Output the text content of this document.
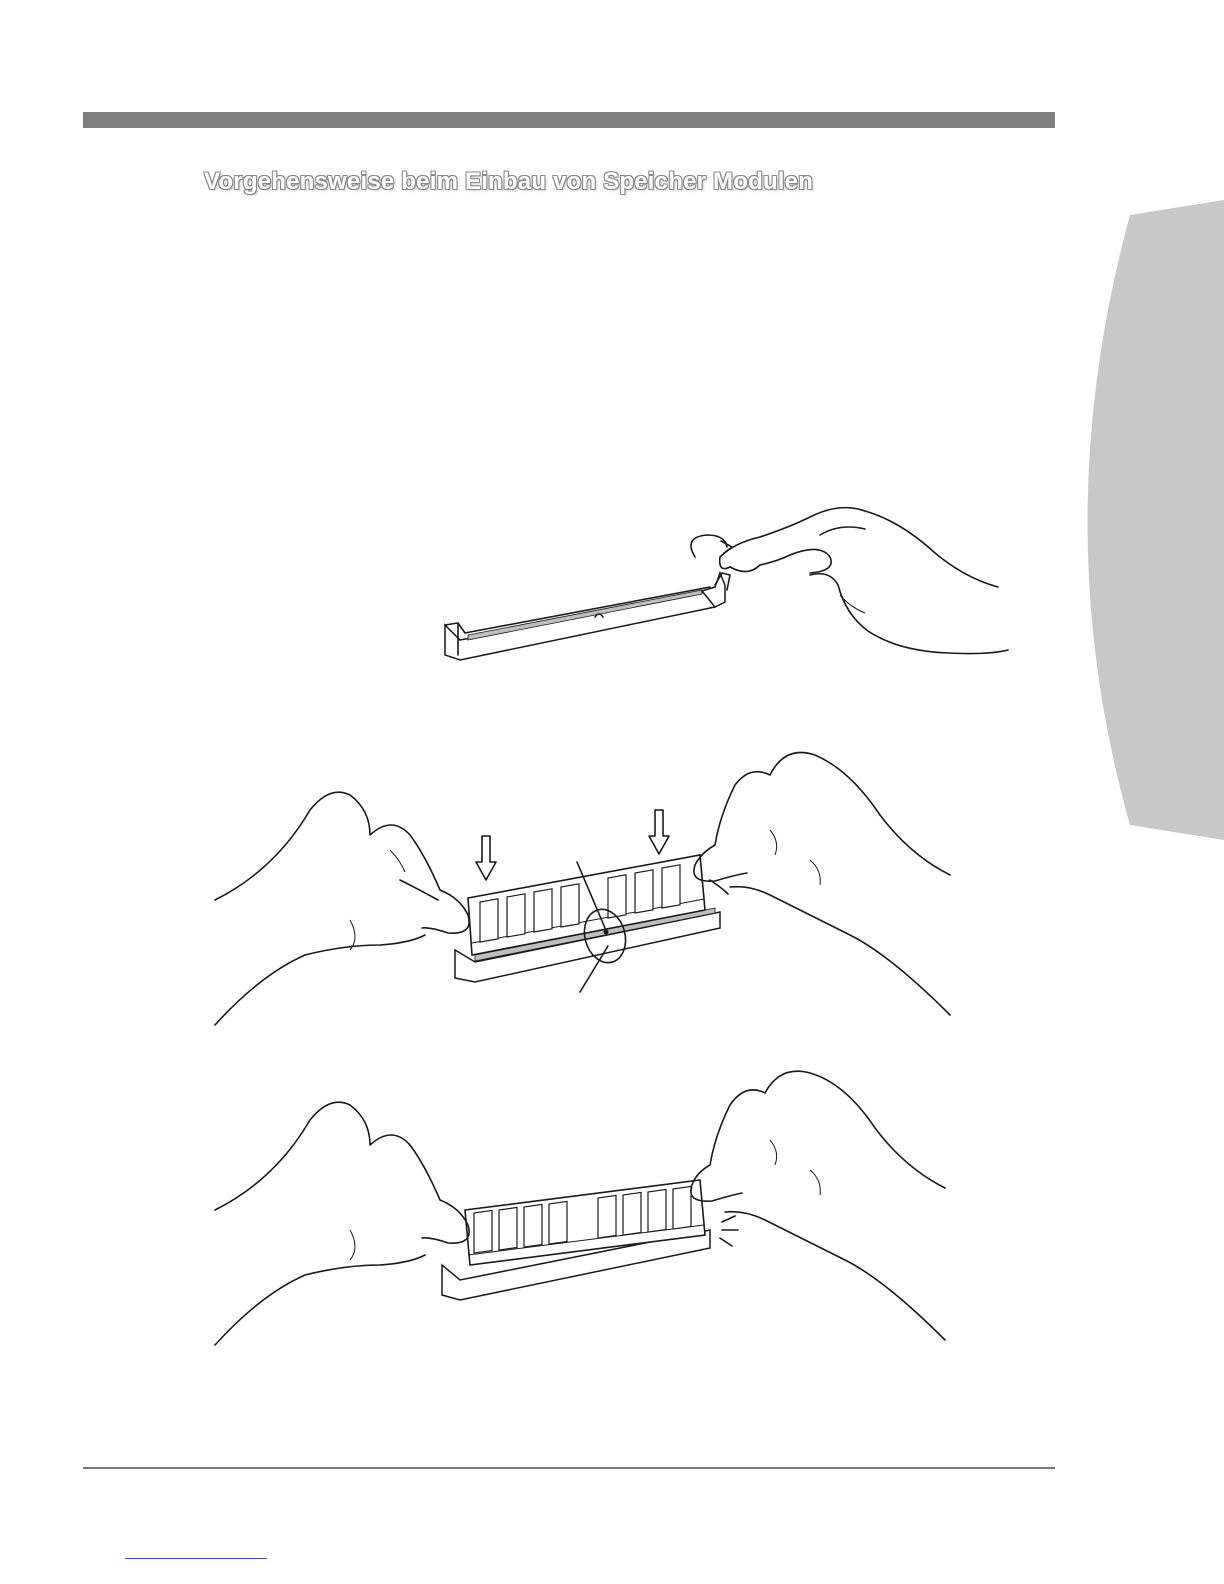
Vorgehensweise beim Einbau von Speicher Modulen
